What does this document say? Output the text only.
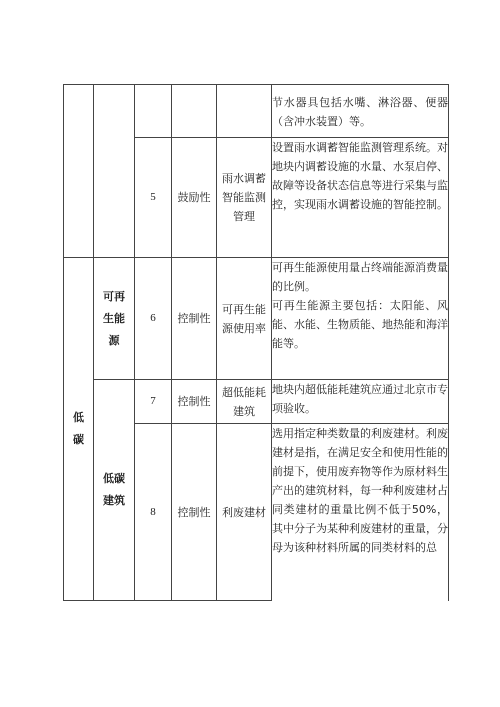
					节水器具包括水嘴、淋浴器、便器（含冲水装置）等。

		5	鼓励性	雨水调蓄智能监测管理	设置雨水调蓄智能监测管理系统。对地块内调蓄设施的水量、水泵启停、故障等设备状态信息等进行采集与监控，实现雨水调蓄设施的智能控制。

低碳	可再生能源	6	控制性	可再生能源使用率	可再生能源使用量占终端能源消费量的比例。
可再生能源主要包括：太阳能、风能、水能、生物质能、地热能和海洋能等。

	低碳建筑	7	控制性	超低能耗建筑	地块内超低能耗建筑应通过北京市专项验收。

		8	控制性	利废建材	选用指定种类数量的利废建材。利废建材是指，在满足安全和使用性能的前提下，使用废弃物等作为原材料生产出的建筑材料，每一种利废建材占同类建材的重量比例不低于50%，其中分子为某种利废建材的重量，分母为该种材料所属的同类材料的总
